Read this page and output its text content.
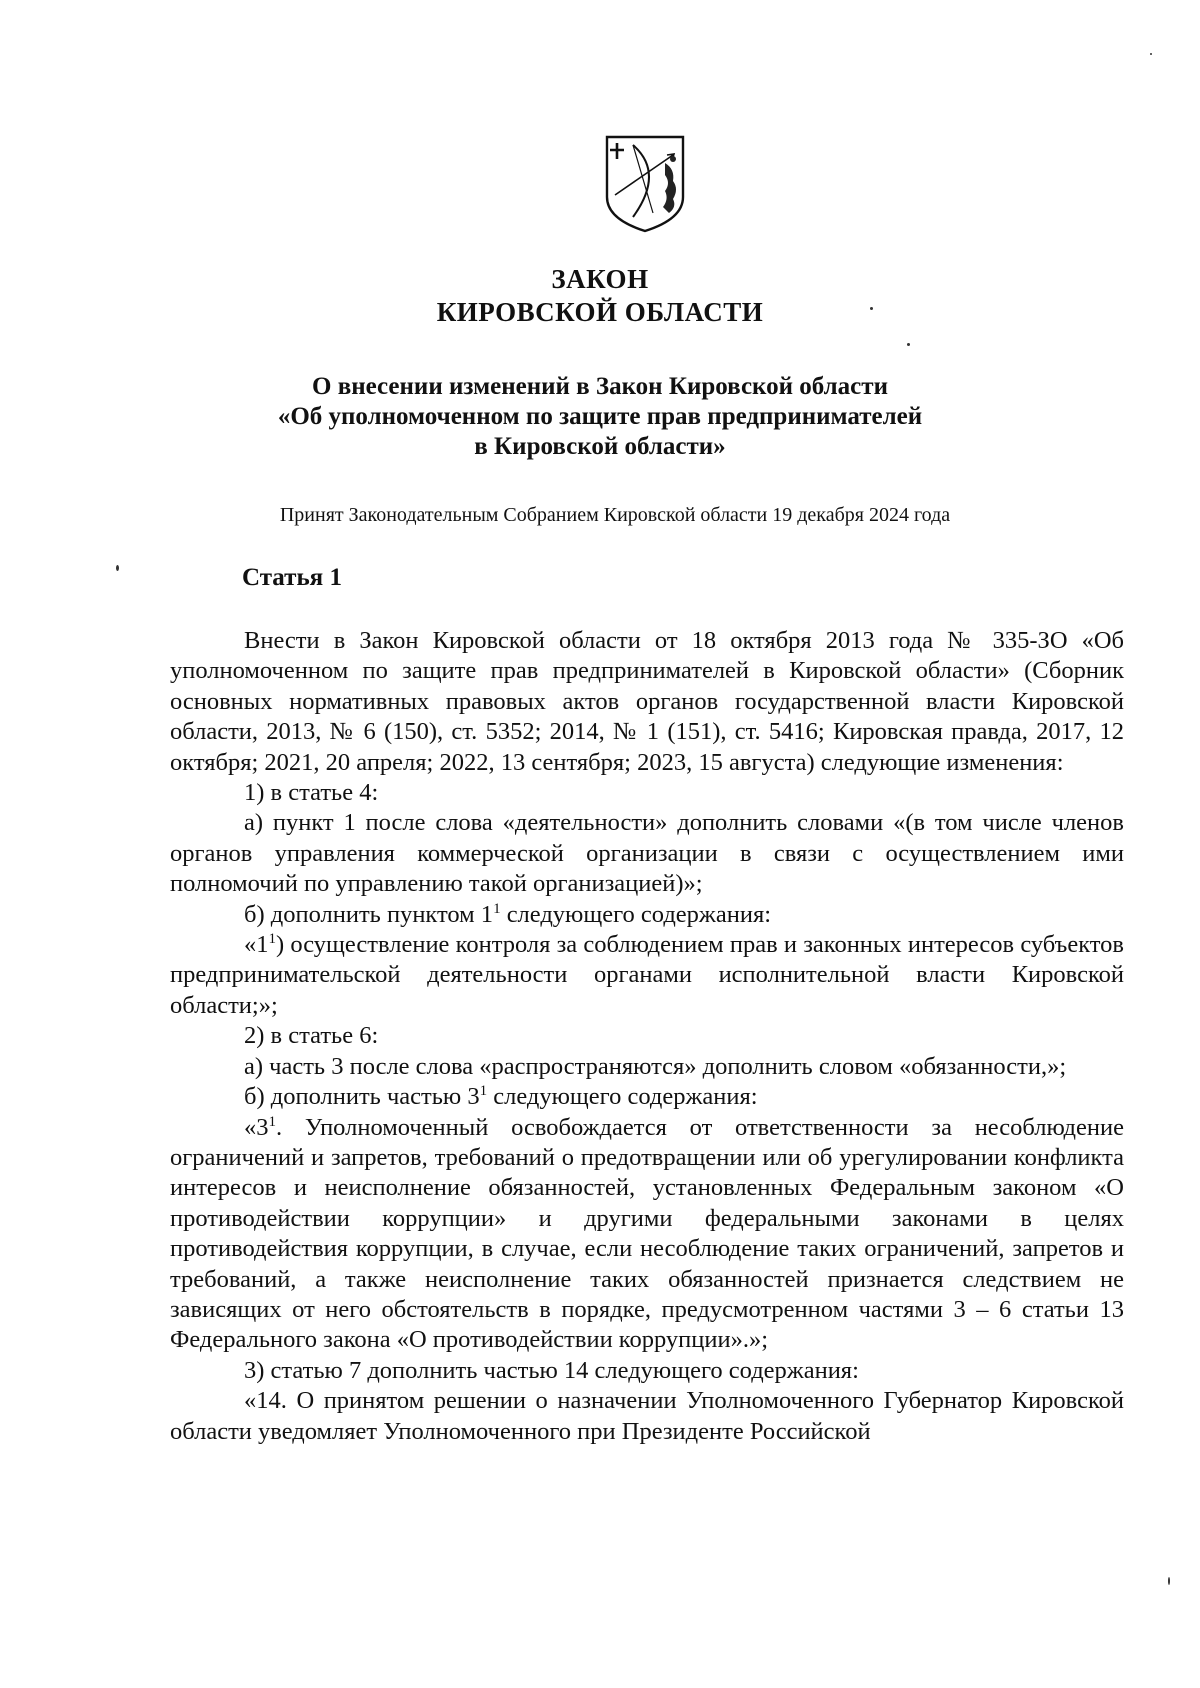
ЗАКОН
КИРОВСКОЙ ОБЛАСТИ
О внесении изменений в Закон Кировской области
«Об уполномоченном по защите прав предпринимателей
в Кировской области»
Принят Законодательным Собранием Кировской области 19 декабря 2024 года
Статья 1

Внести в Закон Кировской области от 18 октября 2013 года № 335-ЗО «Об уполномоченном по защите прав предпринимателей в Кировской области» (Сборник основных нормативных правовых актов органов государственной власти Кировской области, 2013, № 6 (150), ст. 5352; 2014, № 1 (151), ст. 5416; Кировская правда, 2017, 12 октября; 2021, 20 апреля; 2022, 13 сентября; 2023, 15 августа) следующие изменения:

1) в статье 4:

а) пункт 1 после слова «деятельности» дополнить словами «(в том числе членов органов управления коммерческой организации в связи с осуществлением ими полномочий по управлению такой организацией)»;

б) дополнить пунктом $1^1$ следующего содержания:

«$1^1$) осуществление контроля за соблюдением прав и законных интересов субъектов предпринимательской деятельности органами исполнительной власти Кировской области;»;

2) в статье 6:

а) часть 3 после слова «распространяются» дополнить словом «обязанности,»;

б) дополнить частью $3^1$ следующего содержания:

«$3^1$. Уполномоченный освобождается от ответственности за несоблюдение ограничений и запретов, требований о предотвращении или об урегулировании конфликта интересов и неисполнение обязанностей, установленных Федеральным законом «О противодействии коррупции» и другими федеральными законами в целях противодействия коррупции, в случае, если несоблюдение таких ограничений, запретов и требований, а также неисполнение таких обязанностей признается следствием не зависящих от него обстоятельств в порядке, предусмотренном частями 3 – 6 статьи 13 Федерального закона «О противодействии коррупции».»;

3) статью 7 дополнить частью 14 следующего содержания:

«14. О принятом решении о назначении Уполномоченного Губернатор Кировской области уведомляет Уполномоченного при Президенте Российской
